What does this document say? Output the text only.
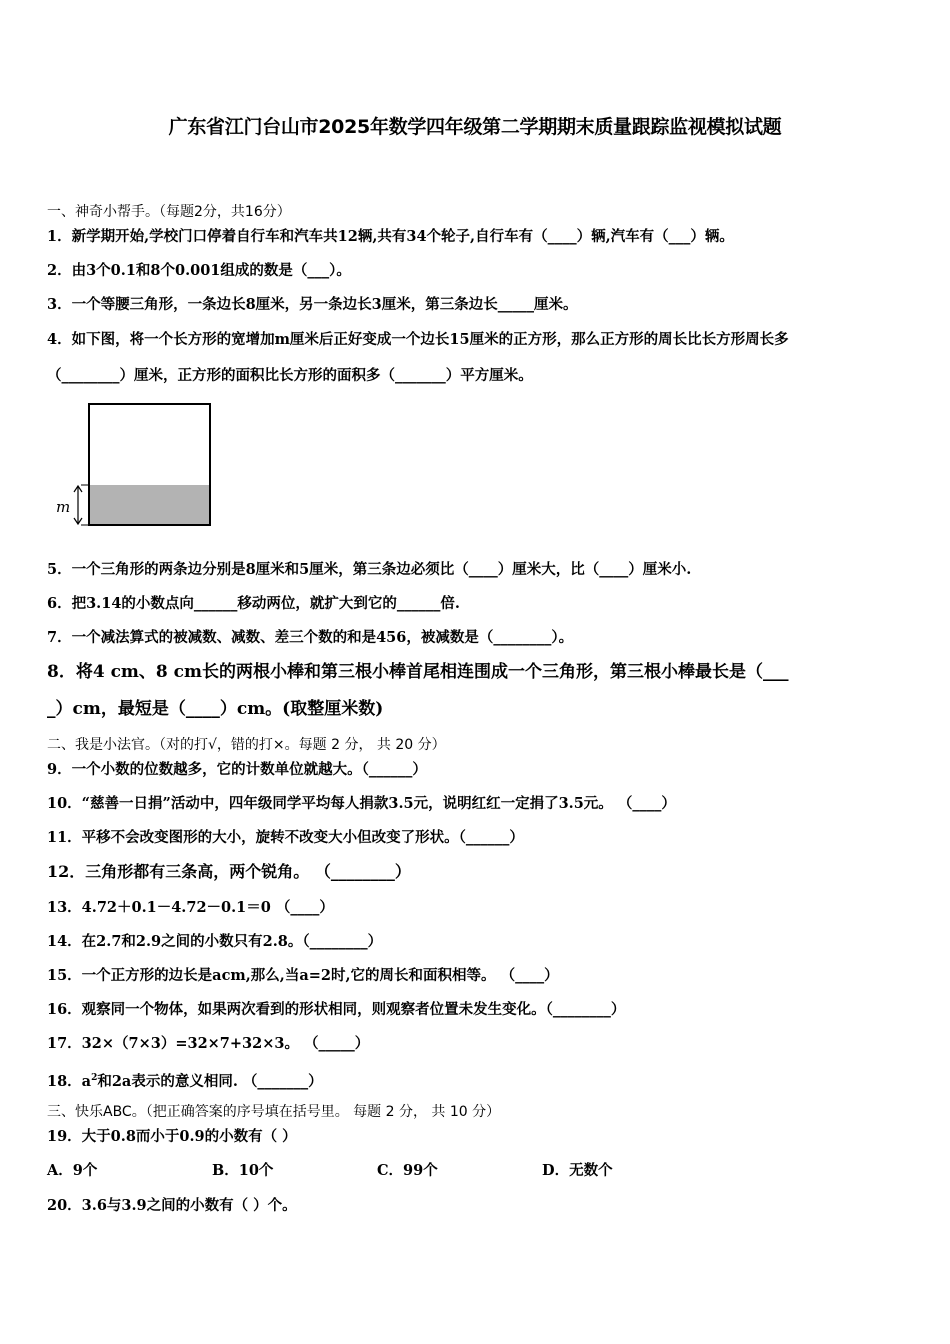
广东省江门台山市2025年数学四年级第二学期期末质量跟踪监视模拟试题
一、神奇小帮手。（每题2分，共16分）
1．新学期开始,学校门口停着自行车和汽车共12辆,共有34个轮子,自行车有（____）辆,汽车有（___）辆。
2．由3个0.1和8个0.001组成的数是（___）。
3．一个等腰三角形，一条边长8厘米，另一条边长3厘米，第三条边长_____厘米。
4．如下图，将一个长方形的宽增加m厘米后正好变成一个边长15厘米的正方形，那么正方形的周长比长方形周长多
（________）厘米，正方形的面积比长方形的面积多（_______）平方厘米。
m
5．一个三角形的两条边分别是8厘米和5厘米，第三条边必须比（____）厘米大，比（____）厘米小.
6．把3.14的小数点向______移动两位，就扩大到它的______倍.
7．一个减法算式的被减数、减数、差三个数的和是456，被减数是（________）。
8．将4 cm、8 cm长的两根小棒和第三根小棒首尾相连围成一个三角形，第三根小棒最长是（___
_）cm，最短是（____）cm。(取整厘米数)
二、我是小法官。（对的打√，错的打×。每题 2 分， 共 20 分）
9．一个小数的位数越多，它的计数单位就越大。（______）
10．“慈善一日捐”活动中，四年级同学平均每人捐款3.5元，说明红红一定捐了3.5元。 （____）
11．平移不会改变图形的大小，旋转不改变大小但改变了形状。（______）
12．三角形都有三条高，两个锐角。 （________）
13．4.72＋0.1－4.72－0.1＝0 （____）
14．在2.7和2.9之间的小数只有2.8。（________）
15．一个正方形的边长是acm,那么,当a=2时,它的周长和面积相等。 （____）
16．观察同一个物体，如果两次看到的形状相同，则观察者位置未发生变化。（________）
17．32×（7×3）=32×7+32×3。 （_____）
18．$a^2$和2a表示的意义相同. （_______）
三、快乐ABC。（把正确答案的序号填在括号里。 每题 2 分， 共 10 分）
19．大于0.8而小于0.9的小数有（ ）
A．9个	B．10个	C．99个	D．无数个
20．3.6与3.9之间的小数有（ ）个。
